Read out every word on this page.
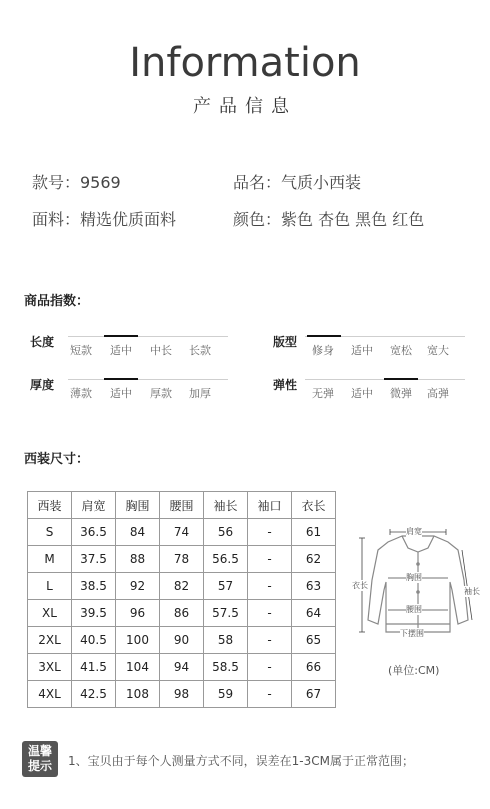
Information
产品信息
款号：9569	品名：气质小西装
面料：精选优质面料	颜色：紫色 杏色 黑色 红色
商品指数：
长度
短款	适中	中长	长款
版型
修身	适中	宽松	宽大
厚度
薄款	适中	厚款	加厚
弹性
无弹	适中	微弹	高弹
西装尺寸：
西装	肩宽	胸围	腰围	袖长	袖口	衣长
S	36.5	84	74	56	-	61
M	37.5	88	78	56.5	-	62
L	38.5	92	82	57	-	63
XL	39.5	96	86	57.5	-	64
2XL	40.5	100	90	58	-	65
3XL	41.5	104	94	58.5	-	66
4XL	42.5	108	98	59	-	67
肩宽
胸围
腰围
下摆围
衣长
袖长
(单位:CM)
温馨
提示	1、宝贝由于每个人测量方式不同，误差在1-3CM属于正常范围；
